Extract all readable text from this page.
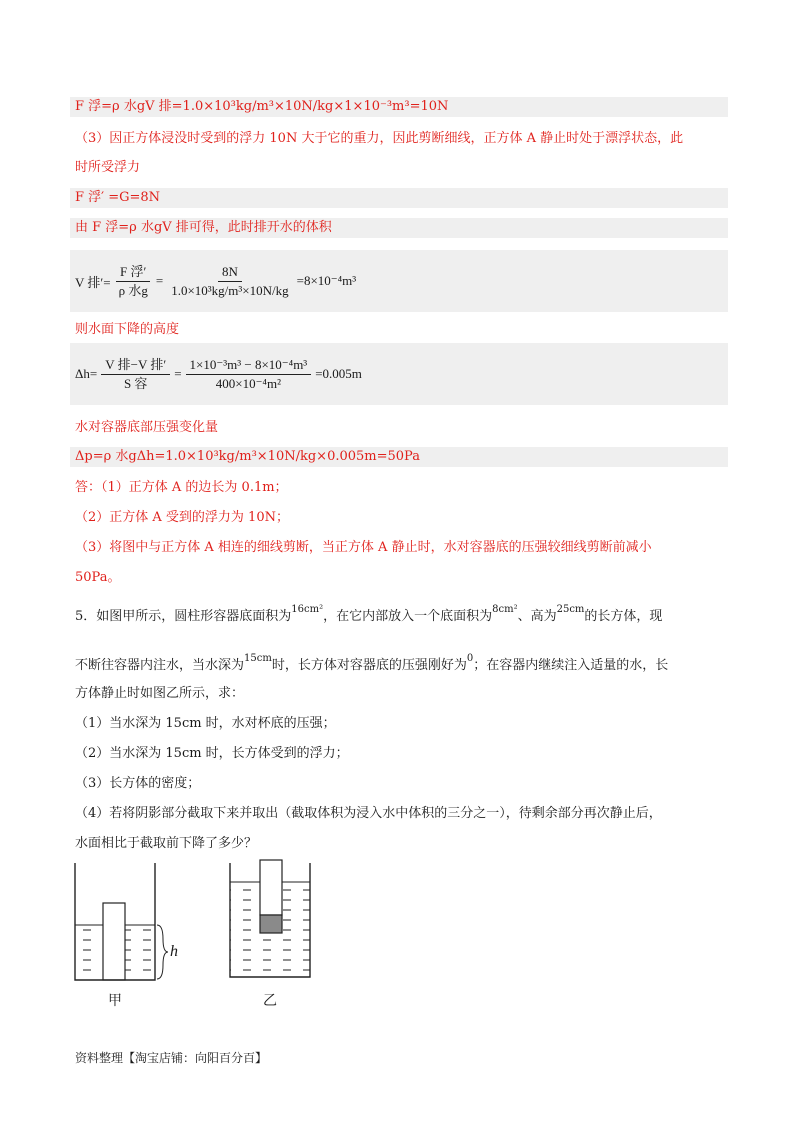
F 浮=ρ 水gV 排=1.0×10³kg/m³×10N/kg×1×10⁻³m³=10N
（3）因正方体浸没时受到的浮力 10N 大于它的重力，因此剪断细线，正方体 A 静止时处于漂浮状态，此
时所受浮力
F 浮′ =G=8N
由 F 浮=ρ 水gV 排可得，此时排开水的体积
V 排′= $\frac{\text{F 浮′}}{\text{ρ 水g}} = \frac{8N}{\text{1.0×10³kg/m³×10N/kg}} =8\times 10^{-4}m^3$
则水面下降的高度
$\Delta h= \frac{\text{V 排−V 排′}}{\text{S 容}} = \frac{\text{1×10⁻³m³ − 8×10⁻⁴m³}}{\text{400×10⁻⁴m²}} =0.005m$
水对容器底部压强变化量
Δp=ρ 水gΔh=1.0×10³kg/m³×10N/kg×0.005m=50Pa
答：（1）正方体 A 的边长为 0.1m；
（2）正方体 A 受到的浮力为 10N；
（3）将图中与正方体 A 相连的细线剪断，当正方体 A 静止时，水对容器底的压强较细线剪断前减小
50Pa。
5．如图甲所示，圆柱形容器底面积为$^{16cm^2}$，在它内部放入一个底面积为$^{8cm^2}$、高为$^{25cm}$的长方体，现
不断往容器内注水，当水深为$^{15cm}$时，长方体对容器底的压强刚好为$^0$；在容器内继续注入适量的水，长
方体静止时如图乙所示，求：
（1）当水深为 15cm 时，水对杯底的压强；
（2）当水深为 15cm 时，长方体受到的浮力；
（3）长方体的密度；
（4）若将阴影部分截取下来并取出（截取体积为浸入水中体积的三分之一），待剩余部分再次静止后，
水面相比于截取前下降了多少？
h
甲	乙
资料整理【淘宝店铺：向阳百分百】
